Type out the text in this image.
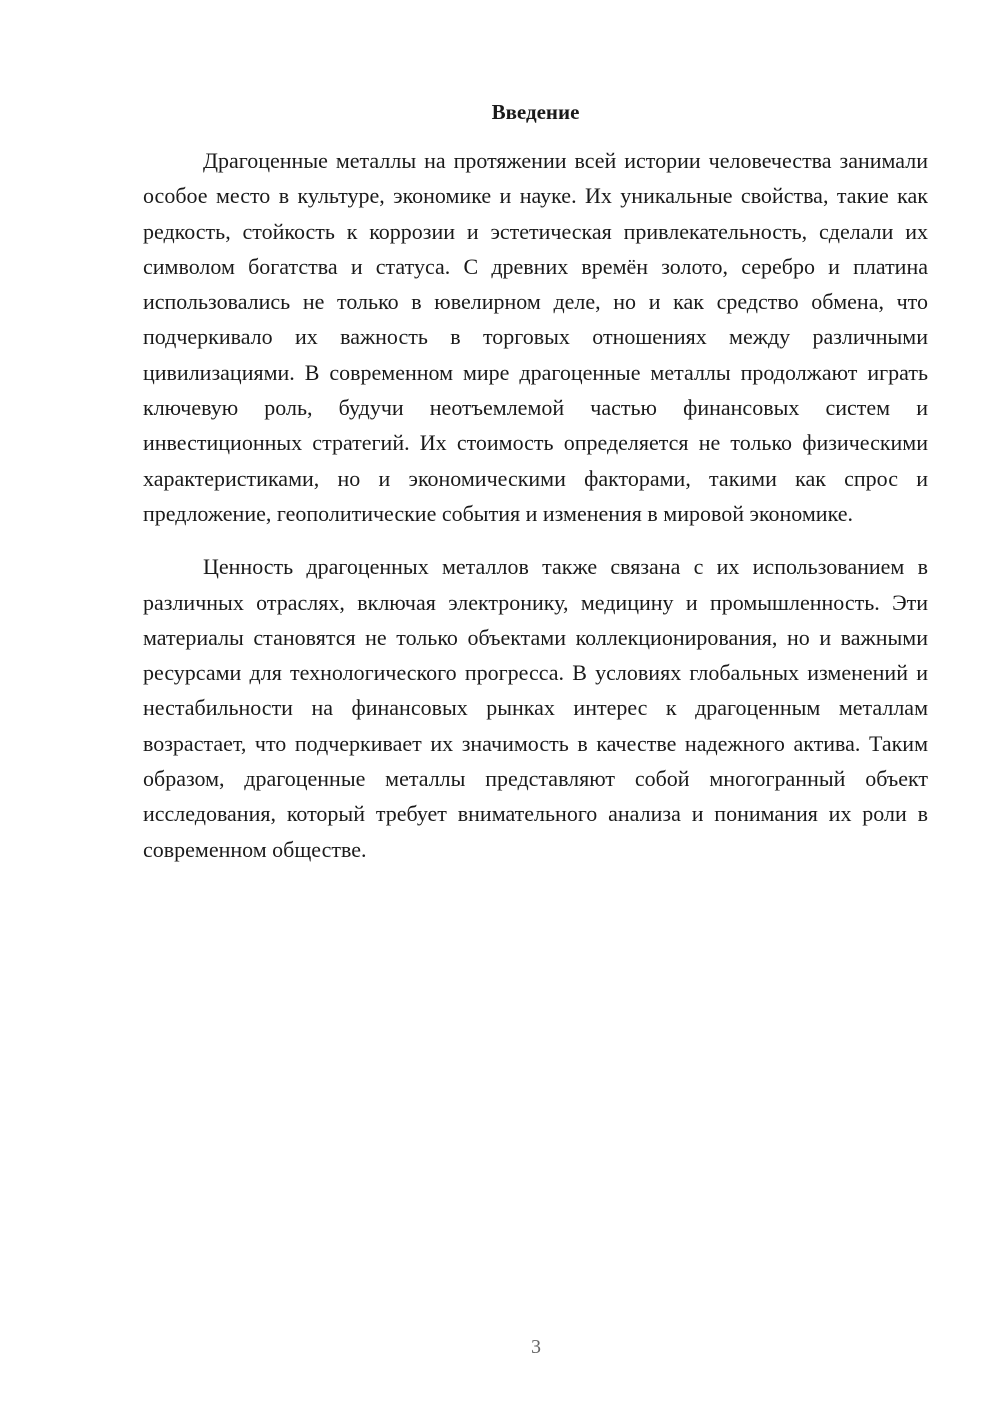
Введение

Драгоценные металлы на протяжении всей истории человечества занимали особое место в культуре, экономике и науке. Их уникальные свойства, такие как редкость, стойкость к коррозии и эстетическая привлекательность, сделали их символом богатства и статуса. С древних времён золото, серебро и платина использовались не только в ювелирном деле, но и как средство обмена, что подчеркивало их важность в торговых отношениях между различными цивилизациями. В современном мире драгоценные металлы продолжают играть ключевую роль, будучи неотъемлемой частью финансовых систем и инвестиционных стратегий. Их стоимость определяется не только физическими характеристиками, но и экономическими факторами, такими как спрос и предложение, геополитические события и изменения в мировой экономике.

Ценность драгоценных металлов также связана с их использованием в различных отраслях, включая электронику, медицину и промышленность. Эти материалы становятся не только объектами коллекционирования, но и важными ресурсами для технологического прогресса. В условиях глобальных изменений и нестабильности на финансовых рынках интерес к драгоценным металлам возрастает, что подчеркивает их значимость в качестве надежного актива. Таким образом, драгоценные металлы представляют собой многогранный объект исследования, который требует внимательного анализа и понимания их роли в современном обществе.

3
